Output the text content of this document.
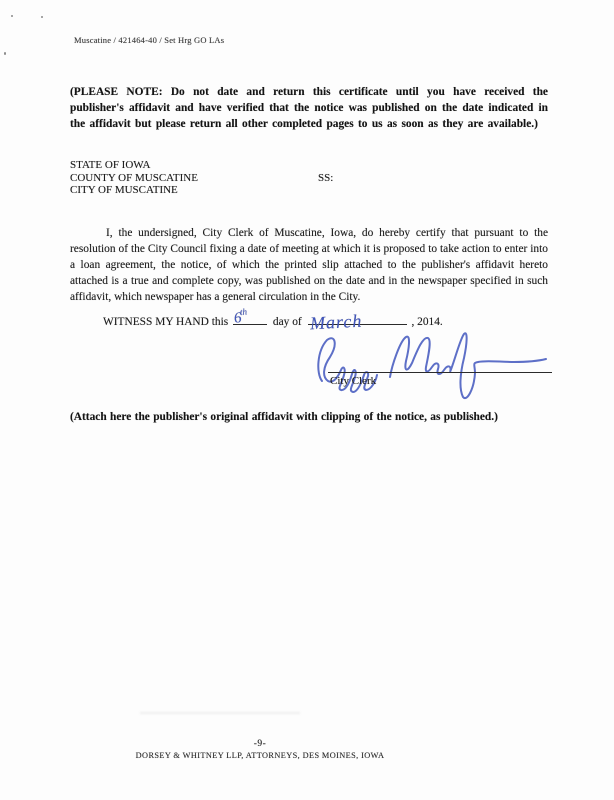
Muscatine / 421464-40 / Set Hrg GO LAs
(PLEASE NOTE: Do not date and return this certificate until you have received the publisher's affidavit and have verified that the notice was published on the date indicated in the affidavit but please return all other completed pages to us as soon as they are available.)
STATE OF IOWA
COUNTY OF MUSCATINE	SS:
CITY OF MUSCATINE
I, the undersigned, City Clerk of Muscatine, Iowa, do hereby certify that pursuant to the resolution of the City Council fixing a date of meeting at which it is proposed to take action to enter into a loan agreement, the notice, of which the printed slip attached to the publisher's affidavit hereto attached is a true and complete copy, was published on the date and in the newspaper specified in such affidavit, which newspaper has a general circulation in the City.
WITNESS MY HAND this 6th
day of March	, 2014.
City Clerk
(Attach here the publisher's original affidavit with clipping of the notice, as published.)
-9-
DORSEY & WHITNEY LLP, ATTORNEYS, DES MOINES, IOWA
